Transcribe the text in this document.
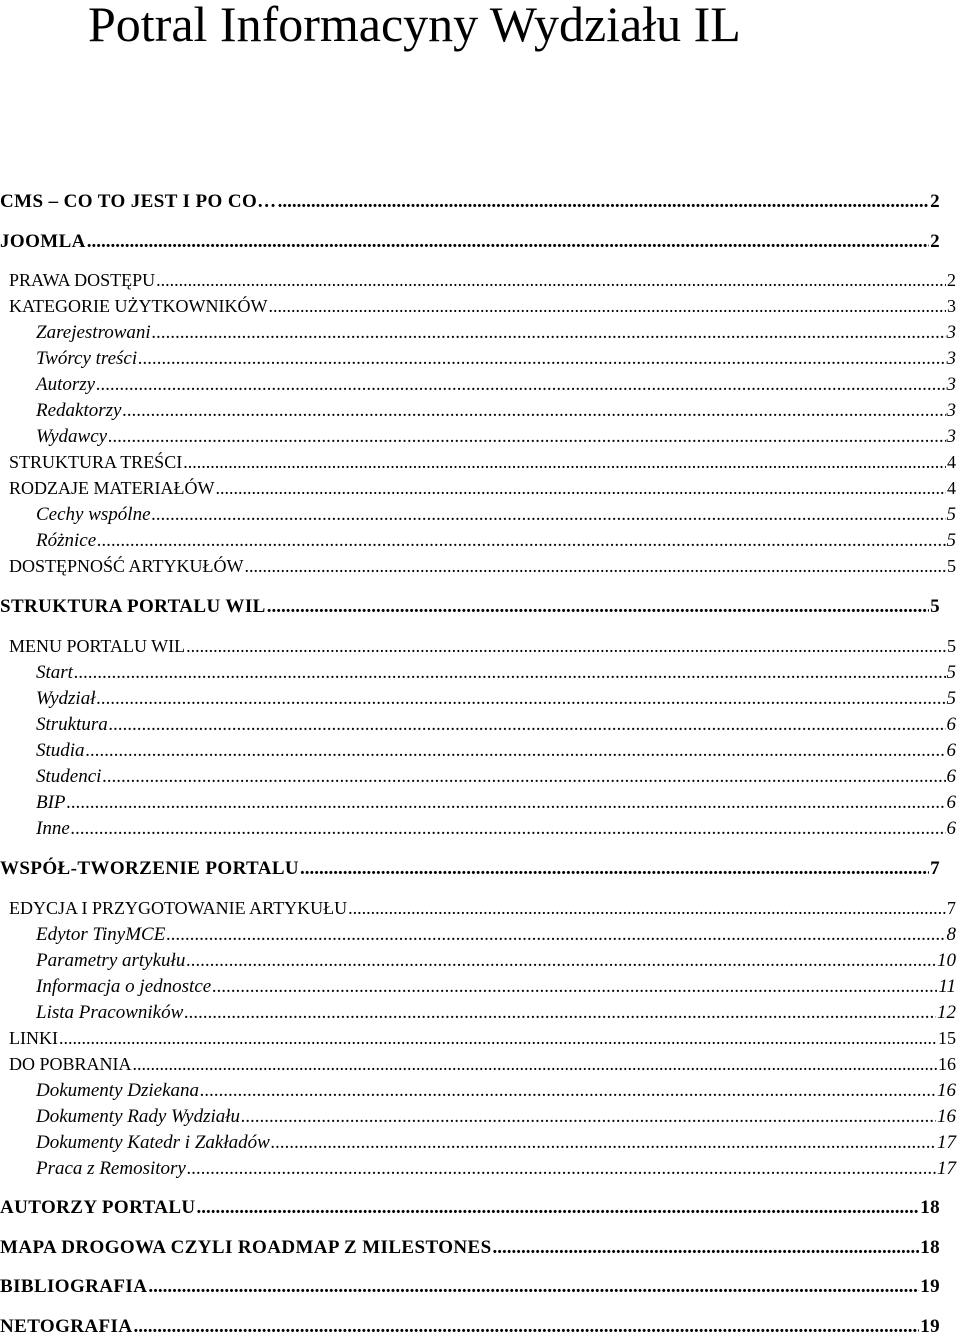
Potral Informacyny Wydziału IL
CMS – CO TO JEST I PO CO… .....	2
JOOMLA .....	2
PRAWA DOSTĘPU .....	2
KATEGORIE UŻYTKOWNIKÓW .....	3
Zarejestrowani .....	3
Twórcy treści .....	3
Autorzy .....	3
Redaktorzy .....	3
Wydawcy .....	3
STRUKTURA TREŚCI .....	4
RODZAJE MATERIAŁÓW .....	4
Cechy wspólne .....	5
Różnice .....	5
DOSTĘPNOŚĆ ARTYKUŁÓW .....	5
STRUKTURA PORTALU WIL .....	5
MENU PORTALU WIL .....	5
Start .....	5
Wydział .....	5
Struktura .....	6
Studia .....	6
Studenci .....	6
BIP .....	6
Inne .....	6
WSPÓŁ-TWORZENIE PORTALU .....	7
EDYCJA I PRZYGOTOWANIE ARTYKUŁU .....	7
Edytor TinyMCE .....	8
Parametry artykułu .....	10
Informacja o jednostce .....	11
Lista Pracowników .....	12
LINKI .....	15
DO POBRANIA .....	16
Dokumenty Dziekana .....	16
Dokumenty Rady Wydziału .....	16
Dokumenty Katedr i Zakładów .....	17
Praca z Remository .....	17
AUTORZY PORTALU .....	18
MAPA DROGOWA CZYLI ROADMAP Z MILESTONES .....	18
BIBLIOGRAFIA .....	19
NETOGRAFIA .....	19
